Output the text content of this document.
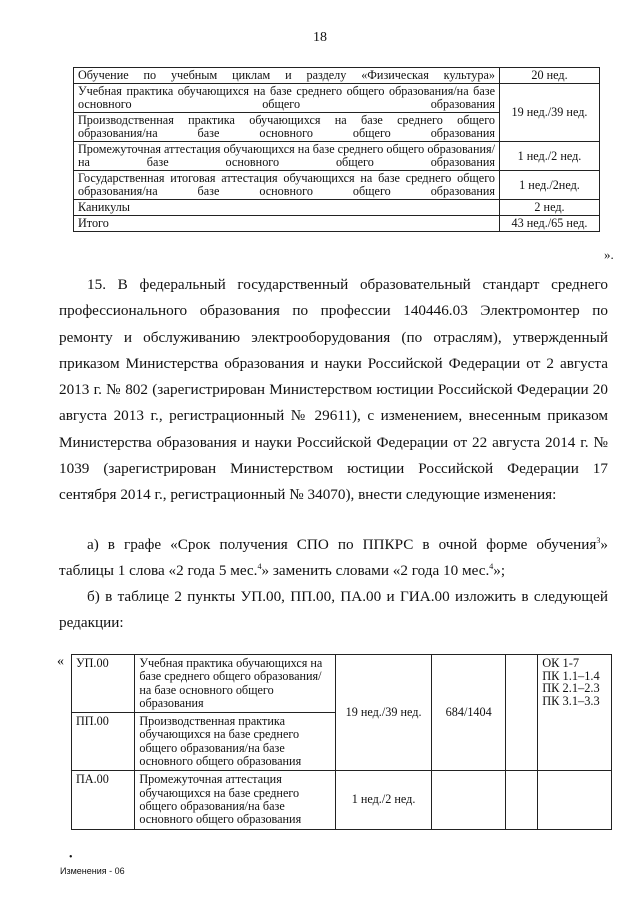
18
Обучение по учебным циклам и разделу «Физическая культура»	20 нед.
Учебная практика обучающихся на базе среднего общего образования/на базе основного общего образования	19 нед./39 нед.
Производственная практика обучающихся на базе среднего общего образования/на базе основного общего образования	
Промежуточная аттестация обучающихся на базе среднего общего образования/на базе основного общего образования	1 нед./2 нед.
Государственная итоговая аттестация обучающихся на базе среднего общего образования/на базе основного общего образования	1 нед./2нед.
Каникулы	2 нед.
Итого	43 нед./65 нед.
».
15. В федеральный государственный образовательный стандарт среднего профессионального образования по профессии 140446.03 Электромонтер по ремонту и обслуживанию электрооборудования (по отраслям), утвержденный приказом Министерства образования и науки Российской Федерации от 2 августа 2013 г. № 802 (зарегистрирован Министерством юстиции Российской Федерации 20 августа 2013 г., регистрационный № 29611), с изменением, внесенным приказом Министерства образования и науки Российской Федерации от 22 августа 2014 г. № 1039 (зарегистрирован Министерством юстиции Российской Федерации 17 сентября 2014 г., регистрационный № 34070), внести следующие изменения:
а) в графе «Срок получения СПО по ППКРС в очной форме обучения$^3$» таблицы 1 слова «2 года 5 мес.$^4$» заменить словами «2 года 10 мес.$^4$»;
б) в таблице 2 пункты УП.00, ПП.00, ПА.00 и ГИА.00 изложить в следующей редакции:
« УП.00	Учебная практика обучающихся на базе среднего общего образования/на базе основного общего образования	19 нед./39 нед.	684/1404		ОК 1-7
ПК 1.1–1.4
ПК 2.1–2.3
ПК 3.1–3.3

ПП.00	Производственная практика обучающихся на базе среднего общего образования/на базе основного общего образования				
ПА.00	Промежуточная аттестация обучающихся на базе среднего общего образования/на базе основного общего образования	1 нед./2 нед.			
•
Изменения - 06
